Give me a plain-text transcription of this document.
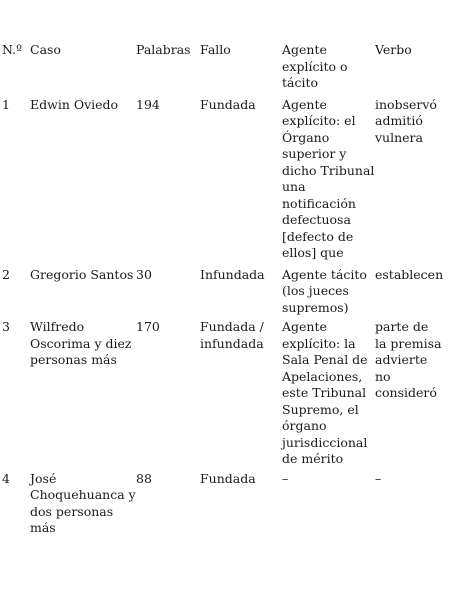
N.º	Caso	Palabras	Fallo	Agente explícito o tácito	Verbo
1	Edwin Oviedo	194	Fundada	Agente explícito: el Órgano superior y dicho Tribunal una notificación defectuosa [defecto de ellos] que	inobservó
admitió
vulnera

2	Gregorio Santos	30	Infundada	Agente tácito (los jueces supremos)	establecen

3	Wilfredo Oscorima y diez personas más	170	Fundada / infundada	Agente explícito: la Sala Penal de Apelaciones, este Tribunal Supremo, el órgano jurisdiccional de mérito	parte de
la premisa
advierte
no
consideró

4	José Choquehuanca y dos personas más	88	Fundada	–	–
